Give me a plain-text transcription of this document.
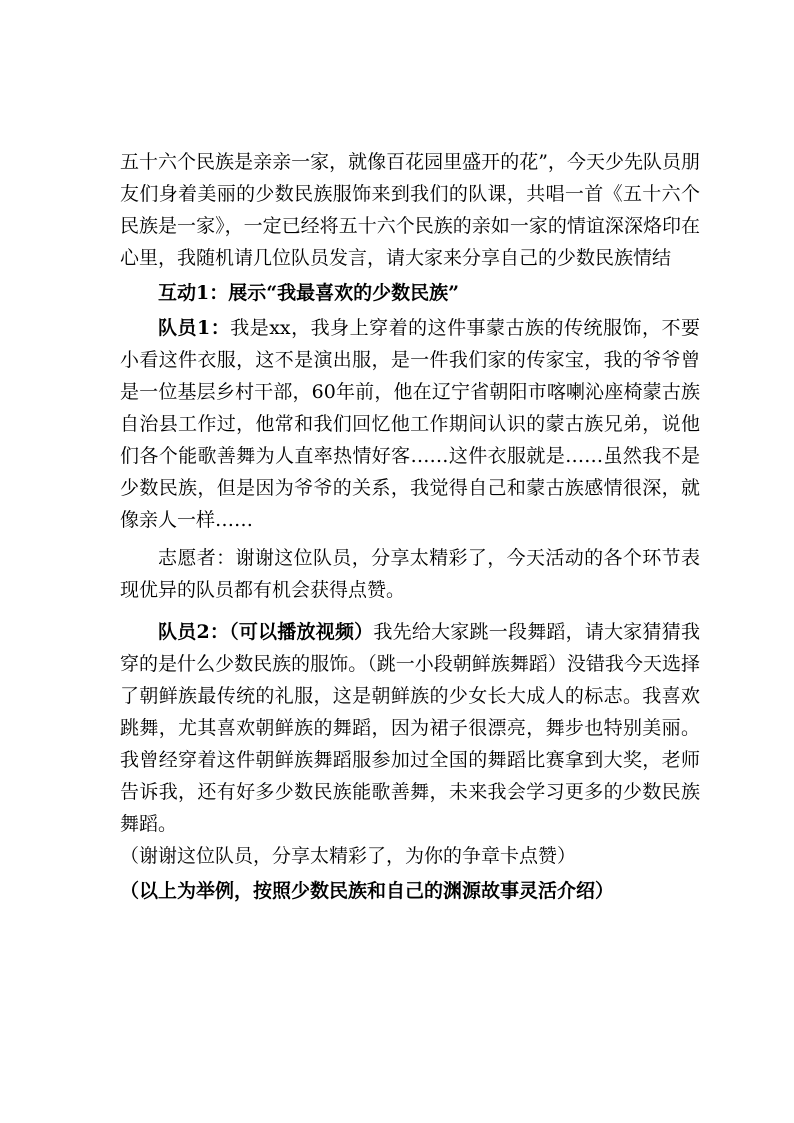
五十六个民族是亲亲一家，就像百花园里盛开的花”，今天少先队员朋友们身着美丽的少数民族服饰来到我们的队课，共唱一首《五十六个民族是一家》，一定已经将五十六个民族的亲如一家的情谊深深烙印在心里，我随机请几位队员发言，请大家来分享自己的少数民族情结

互动1：展示“我最喜欢的少数民族”

队员1：我是xx，我身上穿着的这件事蒙古族的传统服饰，不要小看这件衣服，这不是演出服，是一件我们家的传家宝，我的爷爷曾是一位基层乡村干部，60年前，他在辽宁省朝阳市喀喇沁座椅蒙古族自治县工作过，他常和我们回忆他工作期间认识的蒙古族兄弟，说他们各个能歌善舞为人直率热情好客……这件衣服就是……虽然我不是少数民族，但是因为爷爷的关系，我觉得自己和蒙古族感情很深，就像亲人一样……

志愿者：谢谢这位队员，分享太精彩了，今天活动的各个环节表现优异的队员都有机会获得点赞。

队员2：（可以播放视频）我先给大家跳一段舞蹈，请大家猜猜我穿的是什么少数民族的服饰。（跳一小段朝鲜族舞蹈）没错我今天选择了朝鲜族最传统的礼服，这是朝鲜族的少女长大成人的标志。我喜欢跳舞，尤其喜欢朝鲜族的舞蹈，因为裙子很漂亮，舞步也特别美丽。我曾经穿着这件朝鲜族舞蹈服参加过全国的舞蹈比赛拿到大奖，老师告诉我，还有好多少数民族能歌善舞，未来我会学习更多的少数民族舞蹈。

（谢谢这位队员，分享太精彩了，为你的争章卡点赞）

（以上为举例，按照少数民族和自己的渊源故事灵活介绍）
